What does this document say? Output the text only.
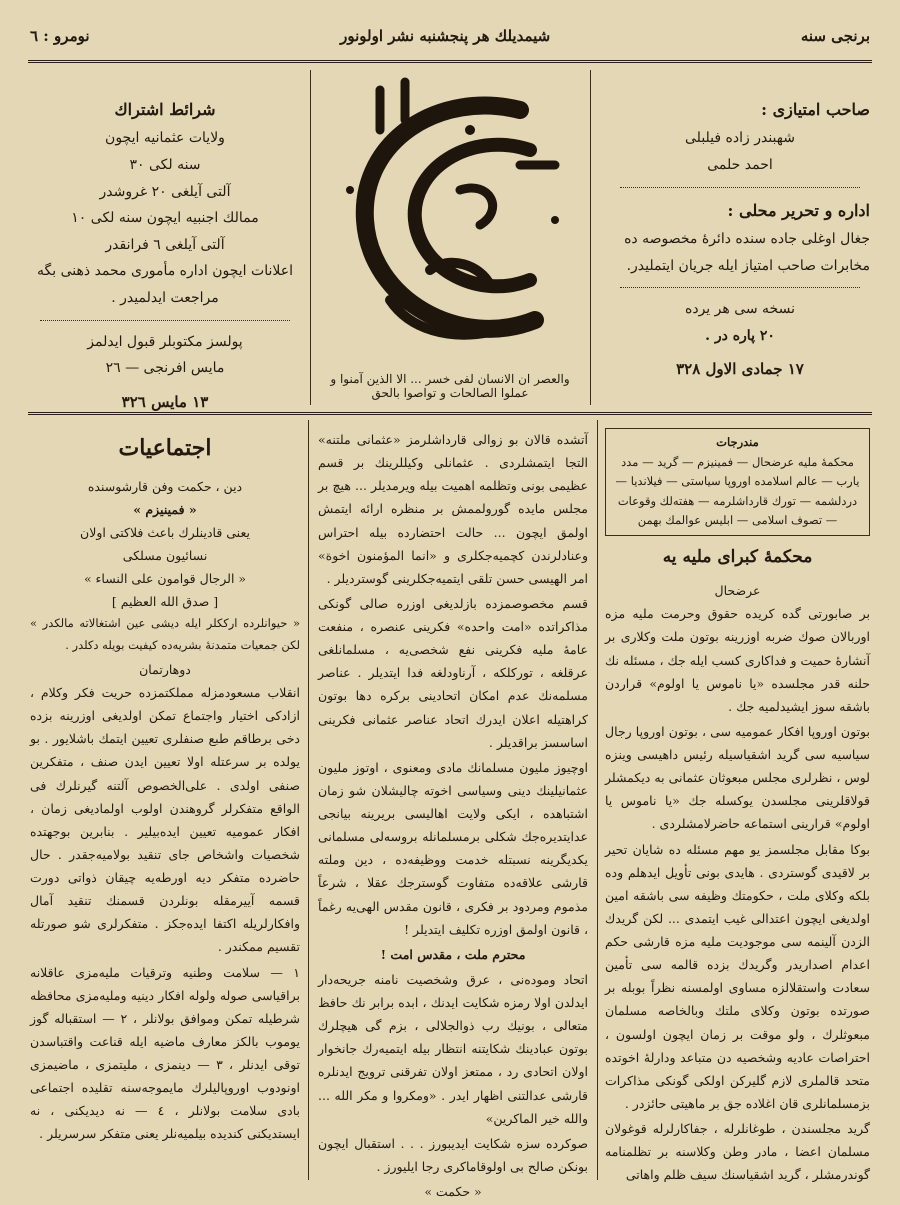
برنجی سنه
شیمدیلك هر پنجشنبه نشر اولونور
نومرو : ٦
صاحب امتیازی :
شهبندر زاده فیلبلی
احمد حلمی
اداره و تحریر محلی :
جغال اوغلی جاده سنده دائرهٔ مخصوصه ده مخابرات صاحب امتیاز ایله جریان ایتملیدر.
نسخه سی هر یرده
٢٠ پاره در .
١٧ جمادی الاول ٣٢٨
والعصر ان الانسان لفی خسر ... الا الذین آمنوا و عملوا الصالحات و تواصوا بالحق
شرائط اشتراك
ولایات عثمانیه ایچون
سنه لکی ٣٠
آلتی آیلغی ٢٠ غروشدر
ممالك اجنبیه ایچون سنه لکی ١٠
آلتی آیلغی ٦ فرانقدر
اعلانات ایچون اداره مأموری محمد ذهنی بگه مراجعت ایدلمیدر .
پولسز مکتوبلر قبول ایدلمز
مایس افرنجی — ٢٦
١٣ مایس ٣٢٦
مندرجات
محکمهٔ ملیه عرضحال — فمینیزم — گرید — مدد یارب — عالم اسلامده اوروپا سیاستی — فیلاندیا — دردلشمه — تورك قارداشلرمه — هفته‌لك وقوعات — تصوف اسلامی — ابلیس عوالمك بهمن
محکمهٔ کبرای ملیه یه
عرضحال

بر صابورتی گده کریده حقوق وحرمت ملیه مزه اوربالان صوك ضربه اوزرینه بوتون ملت وكلاری بر آنشارهٔ حمیت و فداکاری کسب ایله جك ، مسئله نك حلنه قدر مجلسده «یا ناموس یا اولوم» قراردن باشقه سوز ایشیدلمیه جك .

بوتون اوروپا افکار عمومیه سی ، بوتون اوروپا رجال سیاسیه سی گرید اشقیاسیله رئیس داهیسی وینزه لوس ، نظرلری مجلس مبعوثان عثمانی به دیکمشلر قولاقلرینی مجلسدن یوکسله جك «یا ناموس یا اولوم» قرارینی استماعه حاضرلامشلردی .

بوکا مقابل مجلسمز یو مهم مسئله ده شایان تحیر بر لاقیدی گوستردی . هایدی بونی تأویل ایدهلم وده بلکه وکلای ملت ، حکومتك وظیفه سی باشقه امین اولدیغی ایچون اعتدالی غیب ایتمدی ... لکن گریدك الزدن آلینمه سی موجودیت ملیه مزه قارشی حکم اعدام اصداریدر وگریدك بزده قالمه سی تأمین سعادت واستقلالزه مساوی اولمسنه نظراً بوبله بر صورتده بوتون وكلای ملتك وبالخاصه مسلمان مبعوثلرك ، ولو موقت بر زمان ایچون اولسون ، احتراصات عادیه وشخصیه دن متباعد ودارلهٔ اخوتده متحد قالملری لازم گلیرکن اولکی گونکی مذاکرات بزمسلمانلری قان اغلاده جق بر ماهیتی حائزدر .

گرید مجلسندن ، طوغانلرله ، جفاکارلرله قوغولان مسلمان اعضا ، مادر وطن وکلاسنه بر تظلمنامه گوندرمشلر ، گرید اشقیاسنك سیف ظلم واهاتی

آتشده قالان بو زوالی قارداشلرمز «عثمانی ملتنه» التجا ایتمشلردی . عثمانلی وکیللرینك بر قسم عظیمی بونی وتظلمه اهمیت بیله ویرمدیلر ... هیچ بر مجلس مایده گورولممش بر منظره ارائه ایتمش اولمق ایچون ... حالت احتضارده بیله احتراس وعنادلرندن کچمیه‌جکلری و «انما المؤمنون اخوة» امر الهیسی حسن تلقی ایتمیه‌جکلرینی گوستردیلر .

قسم مخصوصمزده بازلدیغی اوزره صالی گونکی مذاکراتده «امت واحده» فکرینی عنصره ، منفعت عامهٔ ملیه فکرینی نفع شخصی‌یه ، مسلمانلغی عرقلغه ، تورکلکه ، آرناودلغه فدا ایتدیلر . عناصر مسلمه‌نك عدم امکان اتحادینی برکره دها بوتون کراهتیله اعلان ایدرك اتحاد عناصر عثمانی فکرینی اساسسز براقدیلر .

اوچیوز ملیون مسلمانك مادی ومعنوی ، اوتوز ملیون عثمانیلینك دینی وسیاسی اخوته چالیشلان شو زمان اشتباهده ، ایکی ولایت اهالیسی بریرینه بیانجی عدایتدیره‌جك شكلی برمسلمانله بروسه‌لی مسلمانی یکدیگرینه نسبتله خدمت ووظیفه‌ده ، دین وملته قارشی علاقه‌ده متفاوت گوسترجك عقلا ، شرعاً مذموم ومردود بر فکری ، قانون مقدس الهی‌یه رغماً ، قانون اولمق اوزره تکلیف ایتدیلر !

محترم ملت ، مقدس امت !

اتحاد وموده‌نی ، عرق وشخصیت نامنه جریحه‌دار ایدلدن اولا رمزه شکایت ایدنك ، ابده برابر نك حافظ متعالی ، بونیك رب ذوالجلالی ، بزم گی هیچلرك بوتون عبادینك شکایتنه انتظار بیله ایتمیه‌رك جانخوار اولان اتحادی رد ، ممتعز اولان تفرقنی ترویج ایدنلره قارشی عدالتنی اظهار ایدر . «ومکروا و مکر الله ... والله خیر الماکرین»

صوکرده سزه شکایت ایدیبورز . . . استقبال ایچون بونکن صالح بی اولوقاماکری رجا ایلیورز .

« حکمت »

اجتماعیات
دین ، حکمت وفن قارشوسنده
« فمینیزم »
یعنی قادینلرك باعث فلاکتی اولان
نسائیون مسلکی
« الرجال قوامون علی النساء »
[ صدق الله العظیم ]

« حیوانلرده ارککلر ایله دیشی عین اشتغالاته مالکدر » لکن جمعیات متمدنهٔ بشریه‌ده کیفیت بویله دکلدر .

دوهارتمان

انقلاب مسعودمزله مملکتمزده حریت فکر وکلام ، ازادکی اختیار واجتماع تمکن اولدیغی اوزرینه بزده دخی برطاقم طبع صنفلری تعیین ایتمك باشلایور . بو یولده بر سرعتله اولا تعیین ایدن صنف ، متفکرین صنفی اولدی . علی‌الخصوص آلتنه گیرنلرك فی الواقع متفکرلر گروهندن اولوب اولمادیغی زمان ، افکار عمومیه تعیین ایده‌بیلیر . بنابرین بوجهتده شخصیات واشخاص جای تنقید بولامیه‌جقدر . حال حاضرده متفکر دیه اورطه‌یه چیقان ذواتی دورت قسمه آییرمقله بونلردن قسمنك تنقید آمال وافکارلریله اکتفا ایده‌جکز . متفکرلری شو صورتله تقسیم ممکندر .

١ — سلامت وطنیه وترقیات ملیه‌مزی عاقلانه براقیاسی صوله ولوله افکار دینیه وملیه‌مزی محافظه شرطیله تمکن وموافق بولانلر ، ٢ — استقباله گوز یوموب بالکز معارف ماضیه ایله قناعت واقتباسدن توقی ایدنلر ، ٣ — دینمزی ، ملیتمزی ، ماضیمزی اونودوب اوروپالیلرك مایموجه‌سنه تقلیده اجتماعی بادی سلامت بولانلر ، ٤ — نه دیدیکنی ، نه ایستدیکنی کندیده بیلمیه‌نلر یعنی متفکر سرسریلر .
